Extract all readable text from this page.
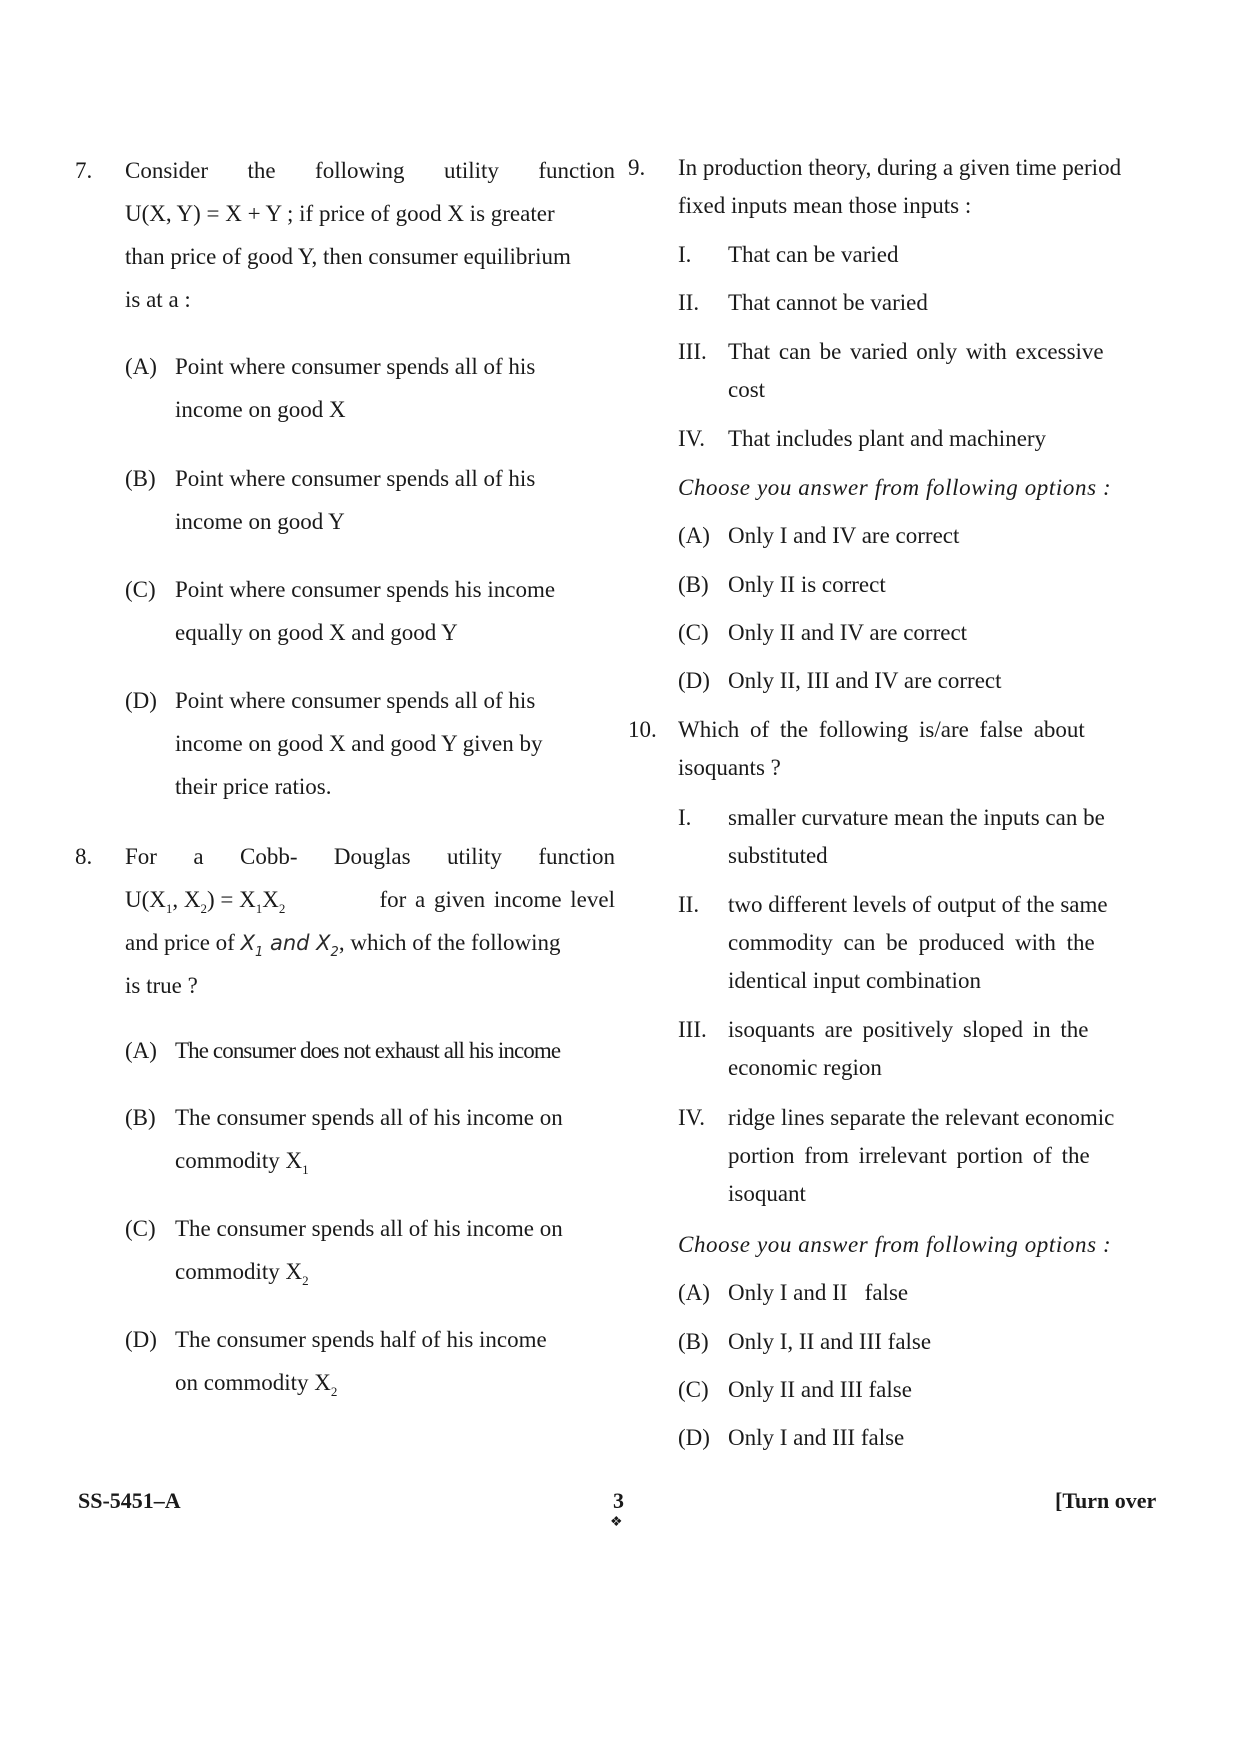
7. Consider the following utility function
U(X, Y) = X + Y ; if price of good X is greater
than price of good Y, then consumer equilibrium
is at a :
(A) Point where consumer spends all of his
income on good X
(B) Point where consumer spends all of his
income on good Y
(C) Point where consumer spends his income
equally on good X and good Y
(D) Point where consumer spends all of his
income on good X and good Y given by
their price ratios.
8. For a Cobb- Douglas utility function
$U(X_1$, $X_2) = X_1X_2$	for a given income level
and price of $X_1$ and $X_2$, which of the following
is true ?
(A) The consumer does not exhaust all his income
(B) The consumer spends all of his income on
commodity $X_1$
(C) The consumer spends all of his income on
commodity $X_2$
(D) The consumer spends half of his income
on commodity $X_2$
9. In production theory, during a given time period
fixed inputs mean those inputs :
I. That can be varied
II. That cannot be varied
III. That can be varied only with excessive
cost
IV. That includes plant and machinery
Choose you answer from following options :
(A) Only I and IV are correct
(B) Only II is correct
(C) Only II and IV are correct
(D) Only II, III and IV are correct
10. Which of the following is/are false about
isoquants ?
I. smaller curvature mean the inputs can be
substituted
II. two different levels of output of the same
commodity can be produced with the
identical input combination
III. isoquants are positively sloped in the
economic region
IV. ridge lines separate the relevant economic
portion from irrelevant portion of the
isoquant
Choose you answer from following options :
(A) Only I and II   false
(B) Only I, II and III false
(C) Only II and III false
(D) Only I and III false
SS-5451–A	3
❖
[Turn over
